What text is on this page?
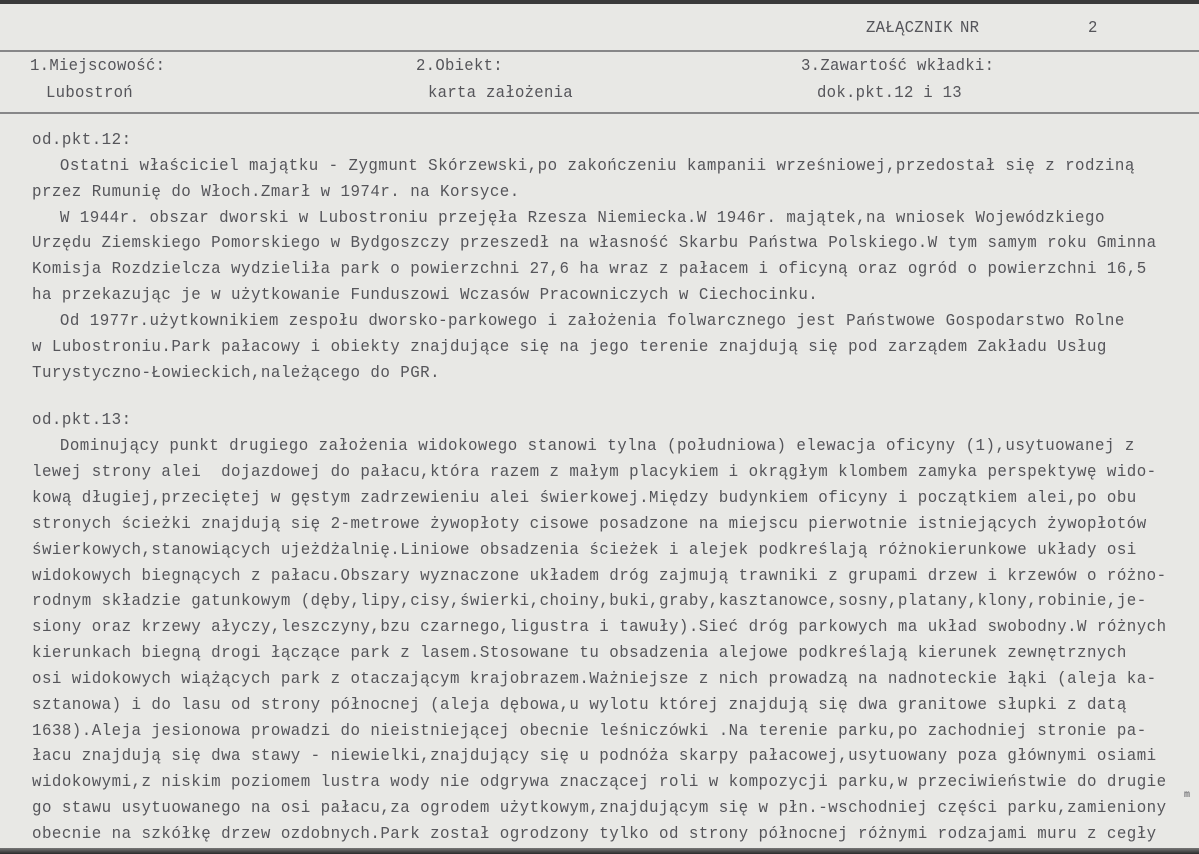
ZAŁĄCZNIK NR	2
1.Miejscowość:	2.Obiekt:	3.Zawartość wkładki:
Lubostroń	karta założenia	dok.pkt.12 i 13
od.pkt.12:
Ostatni właściciel majątku - Zygmunt Skórzewski,po zakończeniu kampanii wrześniowej,przedostał się z rodziną
przez Rumunię do Włoch.Zmarł w 1974r. na Korsyce.
W 1944r. obszar dworski w Lubostroniu przejęła Rzesza Niemiecka.W 1946r. majątek,na wniosek Wojewódzkiego
Urzędu Ziemskiego Pomorskiego w Bydgoszczy przeszedł na własność Skarbu Państwa Polskiego.W tym samym roku Gminna
Komisja Rozdzielcza wydzieliła park o powierzchni 27,6 ha wraz z pałacem i oficyną oraz ogród o powierzchni 16,5
ha przekazując je w użytkowanie Funduszowi Wczasów Pracowniczych w Ciechocinku.
Od 1977r.użytkownikiem zespołu dworsko-parkowego i założenia folwarcznego jest Państwowe Gospodarstwo Rolne
w Lubostroniu.Park pałacowy i obiekty znajdujące się na jego terenie znajdują się pod zarządem Zakładu Usług
Turystyczno-Łowieckich,należącego do PGR.
od.pkt.13:
Dominujący punkt drugiego założenia widokowego stanowi tylna (południowa) elewacja oficyny (1),usytuowanej z
lewej strony alei  dojazdowej do pałacu,która razem z małym placykiem i okrągłym klombem zamyka perspektywę wido-
kową długiej,przeciętej w gęstym zadrzewieniu alei świerkowej.Między budynkiem oficyny i początkiem alei,po obu
stronych ścieżki znajdują się 2-metrowe żywopłoty cisowe posadzone na miejscu pierwotnie istniejących żywopłotów
świerkowych,stanowiących ujeżdżalnię.Liniowe obsadzenia ścieżek i alejek podkreślają różnokierunkowe układy osi
widokowych biegnących z pałacu.Obszary wyznaczone układem dróg zajmują trawniki z grupami drzew i krzewów o różno-
rodnym składzie gatunkowym (dęby,lipy,cisy,świerki,choiny,buki,graby,kasztanowce,sosny,platany,klony,robinie,je-
siony oraz krzewy ałyczy,leszczyny,bzu czarnego,ligustra i tawuły).Sieć dróg parkowych ma układ swobodny.W różnych
kierunkach biegną drogi łączące park z lasem.Stosowane tu obsadzenia alejowe podkreślają kierunek zewnętrznych
osi widokowych wiążących park z otaczającym krajobrazem.Ważniejsze z nich prowadzą na nadnoteckie łąki (aleja ka-
sztanowa) i do lasu od strony północnej (aleja dębowa,u wylotu której znajdują się dwa granitowe słupki z datą
1638).Aleja jesionowa prowadzi do nieistniejącej obecnie leśniczówki .Na terenie parku,po zachodniej stronie pa-
łacu znajdują się dwa stawy - niewielki,znajdujący się u podnóża skarpy pałacowej,usytuowany poza głównymi osiami
widokowymi,z niskim poziomem lustra wody nie odgrywa znaczącej roli w kompozycji parku,w przeciwieństwie do drugie
go stawu usytuowanego na osi pałacu,za ogrodem użytkowym,znajdującym się w płn.-wschodniej części parku,zamieniony
obecnie na szkółkę drzew ozdobnych.Park został ogrodzony tylko od strony północnej różnymi rodzajami muru z cegły
m
